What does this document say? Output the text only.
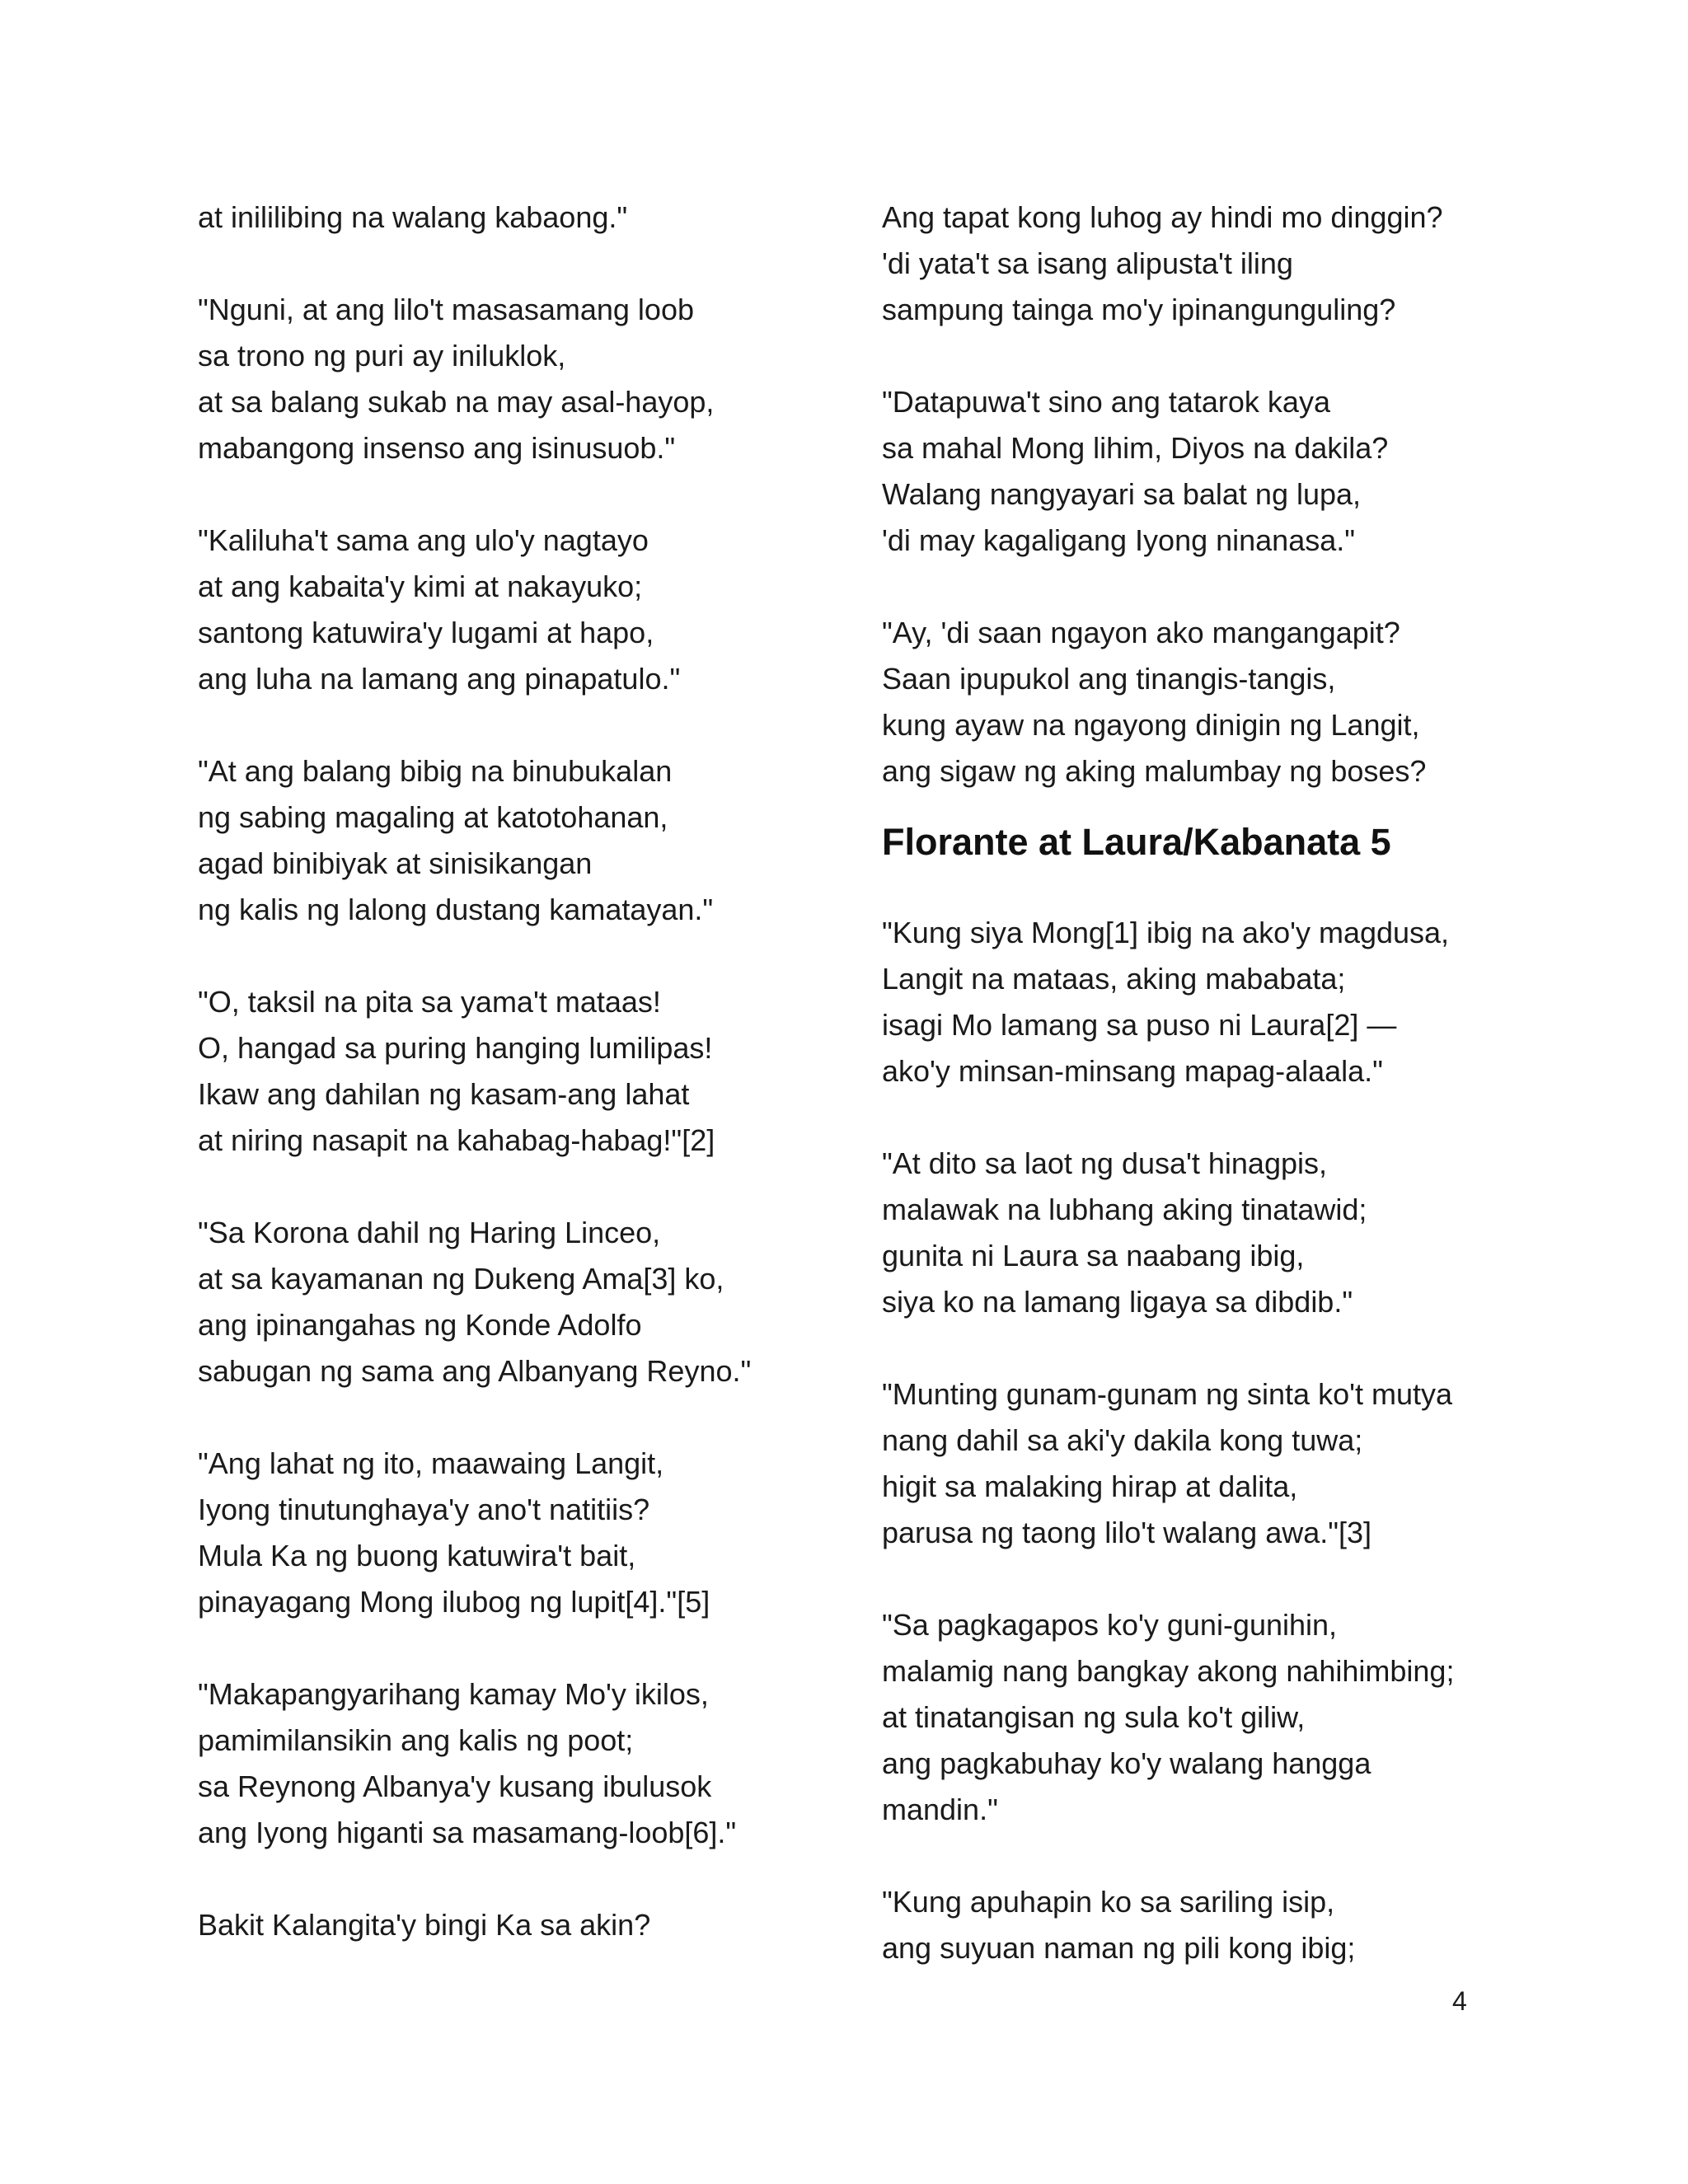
at inililibing na walang kabaong."
"Nguni, at ang lilo't masasamang loob
sa trono ng puri ay iniluklok,
at sa balang sukab na may asal-hayop,
mabangong insenso ang isinusuob."
"Kaliluha't sama ang ulo'y nagtayo
at ang kabaita'y kimi at nakayuko;
santong katuwira'y lugami at hapo,
ang luha na lamang ang pinapatulo."
"At ang balang bibig na binubukalan
ng sabing magaling at katotohanan,
agad binibiyak at sinisikangan
ng kalis ng lalong dustang kamatayan."
"O, taksil na pita sa yama't mataas!
O, hangad sa puring hanging lumilipas!
Ikaw ang dahilan ng kasam-ang lahat
at niring nasapit na kahabag-habag!"[2]
"Sa Korona dahil ng Haring Linceo,
at sa kayamanan ng Dukeng Ama[3] ko,
ang ipinangahas ng Konde Adolfo
sabugan ng sama ang Albanyang Reyno."
"Ang lahat ng ito, maawaing Langit,
Iyong tinutunghaya'y ano't natitiis?
Mula Ka ng buong katuwira't bait,
pinayagang Mong ilubog ng lupit[4]."[5]
"Makapangyarihang kamay Mo'y ikilos,
pamimilansikin ang kalis ng poot;
sa Reynong Albanya'y kusang ibulusok
ang Iyong higanti sa masamang-loob[6]."
Bakit Kalangita'y bingi Ka sa akin?
Ang tapat kong luhog ay hindi mo dinggin?
'di yata't sa isang alipusta't iling
sampung tainga mo'y ipinangunguling?
"Datapuwa't sino ang tatarok kaya
sa mahal Mong lihim, Diyos na dakila?
Walang nangyayari sa balat ng lupa,
'di may kagaligang Iyong ninanasa."
"Ay, 'di saan ngayon ako mangangapit?
Saan ipupukol ang tinangis-tangis,
kung ayaw na ngayong dinigin ng Langit,
ang sigaw ng aking malumbay ng boses?
Florante at Laura/Kabanata 5
"Kung siya Mong[1] ibig na ako'y magdusa,
Langit na mataas, aking mababata;
isagi Mo lamang sa puso ni Laura[2] —
ako'y minsan-minsang mapag-alaala."
"At dito sa laot ng dusa't hinagpis,
malawak na lubhang aking tinatawid;
gunita ni Laura sa naabang ibig,
siya ko na lamang ligaya sa dibdib."
"Munting gunam-gunam ng sinta ko't mutya
nang dahil sa aki'y dakila kong tuwa;
higit sa malaking hirap at dalita,
parusa ng taong lilo't walang awa."[3]
"Sa pagkagapos ko'y guni-gunihin,
malamig nang bangkay akong nahihimbing;
at tinatangisan ng sula ko't giliw,
ang pagkabuhay ko'y walang hangga
mandin."
"Kung apuhapin ko sa sariling isip,
ang suyuan naman ng pili kong ibig;
4
